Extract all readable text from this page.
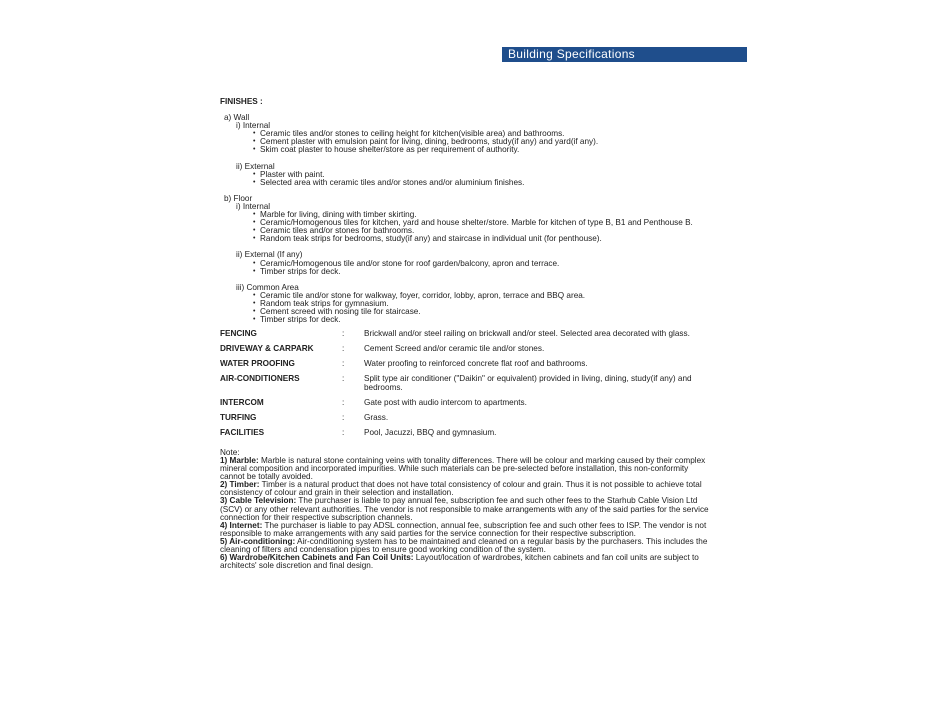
Building Specifications
FINISHES :
a) Wall
i) Internal
• Ceramic tiles and/or stones to ceiling height for kitchen(visible area) and bathrooms.
• Cement plaster with emulsion paint for living, dining, bedrooms, study(if any) and yard(if any).
• Skim coat plaster to house shelter/store as per requirement of authority.
ii) External
• Plaster with paint.
• Selected area with ceramic tiles and/or stones and/or aluminium finishes.
b) Floor
i) Internal
• Marble for living, dining with timber skirting.
• Ceramic/Homogenous tiles for kitchen, yard and house shelter/store. Marble for kitchen of type B, B1 and Penthouse B.
• Ceramic tiles and/or stones for bathrooms.
• Random teak strips for bedrooms, study(if any) and staircase in individual unit (for penthouse).
ii) External (If any)
• Ceramic/Homogenous tile and/or stone for roof garden/balcony, apron and terrace.
• Timber strips for deck.
iii) Common Area
• Ceramic tile and/or stone for walkway, foyer, corridor, lobby, apron, terrace and BBQ area.
• Random teak strips for gymnasium.
• Cement screed with nosing tile for staircase.
• Timber strips for deck.
FENCING	:	Brickwall and/or steel railing on brickwall and/or steel. Selected area decorated with glass.
DRIVEWAY & CARPARK	:	Cement Screed and/or ceramic tile and/or stones.
WATER PROOFING	:	Water proofing to reinforced concrete flat roof and bathrooms.
AIR-CONDITIONERS	:	Split type air conditioner ("Daikin" or equivalent) provided in living, dining, study(if any) and bedrooms.
INTERCOM	:	Gate post with audio intercom to apartments.
TURFING	:	Grass.
FACILITIES	:	Pool, Jacuzzi, BBQ and gymnasium.
Note:

1) Marble: Marble is natural stone containing veins with tonality differences. There will be colour and marking caused by their complex mineral composition and incorporated impurities. While such materials can be pre-selected before installation, this non-conformity cannot be totally avoided.

2) Timber: Timber is a natural product that does not have total consistency of colour and grain. Thus it is not possible to achieve total consistency of colour and grain in their selection and installation.

3) Cable Television: The purchaser is liable to pay annual fee, subscription fee and such other fees to the Starhub Cable Vision Ltd (SCV) or any other relevant authorities. The vendor is not responsible to make arrangements with any of the said parties for the service connection for their respective subscription channels.

4) Internet: The purchaser is liable to pay ADSL connection, annual fee, subscription fee and such other fees to ISP. The vendor is not responsible to make arrangements with any said parties for the service connection for their respective subscription.

5) Air-conditioning: Air-conditioning system has to be maintained and cleaned on a regular basis by the purchasers. This includes the cleaning of filters and condensation pipes to ensure good working condition of the system.

6) Wardrobe/Kitchen Cabinets and Fan Coil Units: Layout/location of wardrobes, kitchen cabinets and fan coil units are subject to architects' sole discretion and final design.
